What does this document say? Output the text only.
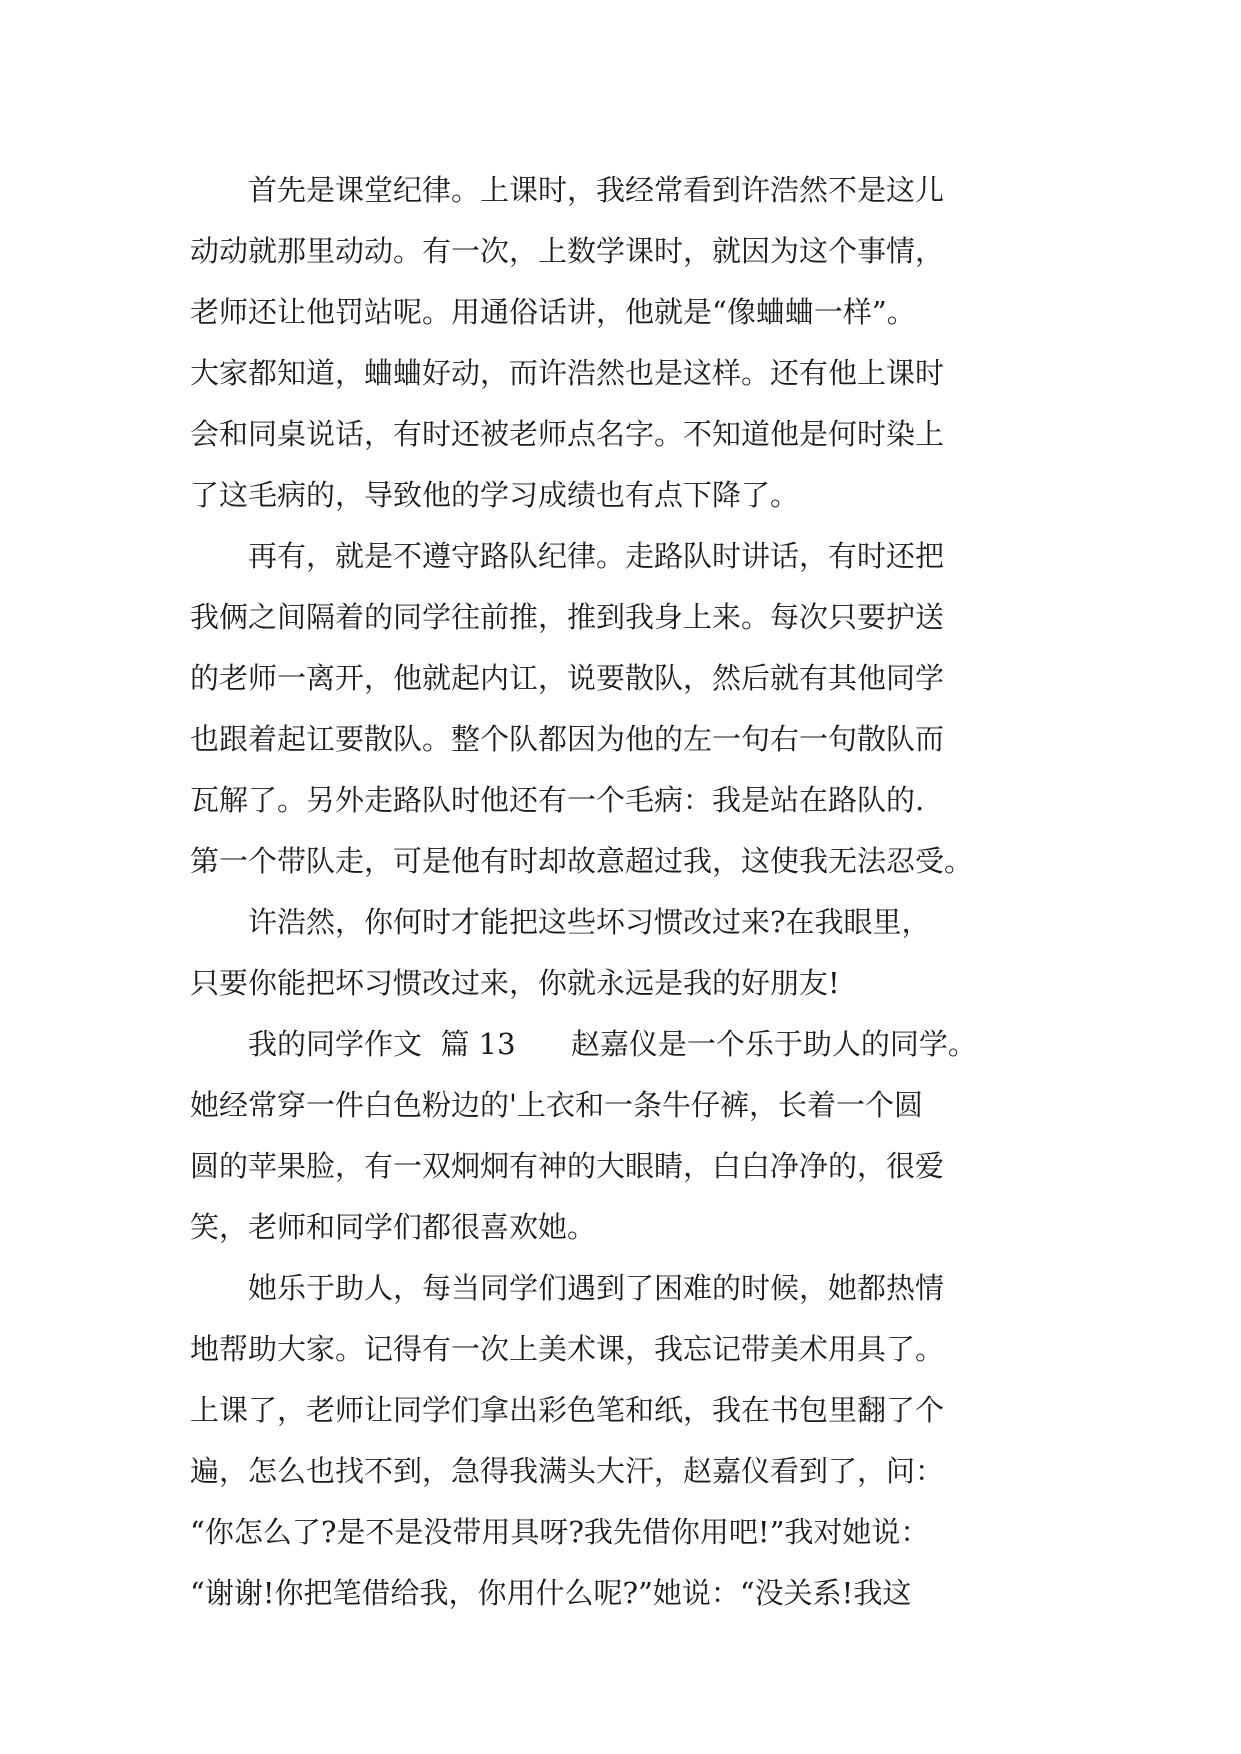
　　首先是课堂纪律。上课时，我经常看到许浩然不是这儿
动动就那里动动。有一次，上数学课时，就因为这个事情，
老师还让他罚站呢。用通俗话讲，他就是“像蛐蛐一样”。
大家都知道，蛐蛐好动，而许浩然也是这样。还有他上课时
会和同桌说话，有时还被老师点名字。不知道他是何时染上
了这毛病的，导致他的学习成绩也有点下降了。
　　再有，就是不遵守路队纪律。走路队时讲话，有时还把
我俩之间隔着的同学往前推，推到我身上来。每次只要护送
的老师一离开，他就起内讧，说要散队，然后就有其他同学
也跟着起讧要散队。整个队都因为他的左一句右一句散队而
瓦解了。另外走路队时他还有一个毛病：我是站在路队的.
第一个带队走，可是他有时却故意超过我，这使我无法忍受。
　　许浩然，你何时才能把这些坏习惯改过来?在我眼里，
只要你能把坏习惯改过来，你就永远是我的好朋友!
　　我的同学作文  篇 13      赵嘉仪是一个乐于助人的同学。
她经常穿一件白色粉边的'上衣和一条牛仔裤，长着一个圆
圆的苹果脸，有一双炯炯有神的大眼睛，白白净净的，很爱
笑，老师和同学们都很喜欢她。
　　她乐于助人，每当同学们遇到了困难的时候，她都热情
地帮助大家。记得有一次上美术课，我忘记带美术用具了。
上课了，老师让同学们拿出彩色笔和纸，我在书包里翻了个
遍，怎么也找不到，急得我满头大汗，赵嘉仪看到了，问：
“你怎么了?是不是没带用具呀?我先借你用吧!”我对她说：
“谢谢!你把笔借给我，你用什么呢?”她说：“没关系!我这
